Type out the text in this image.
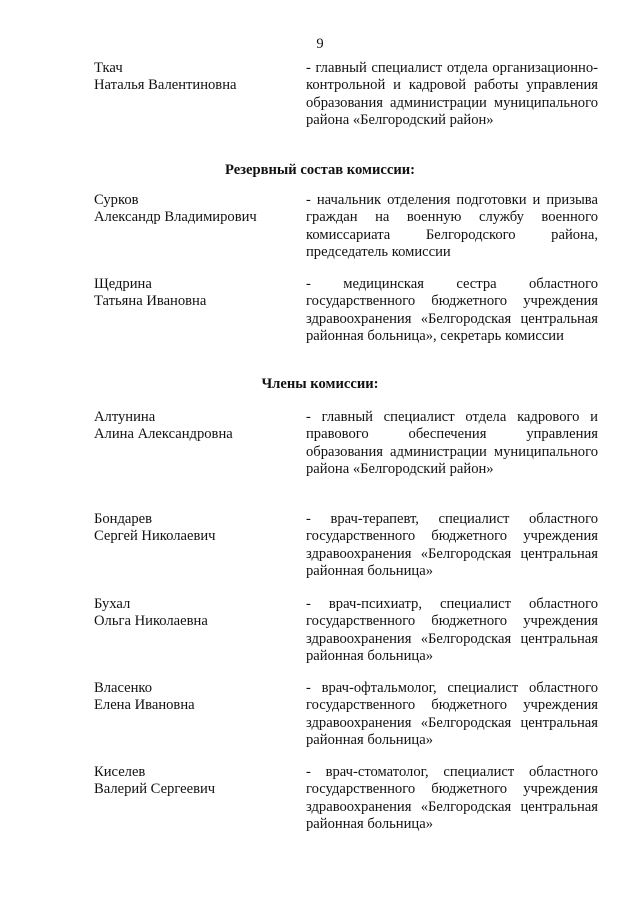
9
Ткач
Наталья Валентиновна
- главный специалист отдела организационно-контрольной и кадровой работы управления образования администрации муниципального района «Белгородский район»
Резервный состав комиссии:
Сурков
Александр Владимирович
- начальник отделения подготовки и призыва граждан на военную службу военного комиссариата Белгородского района, председатель комиссии
Щедрина
Татьяна Ивановна
- медицинская сестра областного государственного бюджетного учреждения здравоохранения «Белгородская центральная районная больница», секретарь комиссии
Члены комиссии:
Алтунина
Алина Александровна
- главный специалист отдела кадрового и правового обеспечения управления образования администрации муниципального района «Белгородский район»
Бондарев
Сергей Николаевич
- врач-терапевт, специалист областного государственного бюджетного учреждения здравоохранения «Белгородская центральная районная больница»
Бухал
Ольга Николаевна
- врач-психиатр, специалист областного государственного бюджетного учреждения здравоохранения «Белгородская центральная районная больница»
Власенко
Елена Ивановна
- врач-офтальмолог, специалист областного государственного бюджетного учреждения здравоохранения «Белгородская центральная районная больница»
Киселев
Валерий Сергеевич
- врач-стоматолог, специалист областного государственного бюджетного учреждения здравоохранения «Белгородская центральная районная больница»
